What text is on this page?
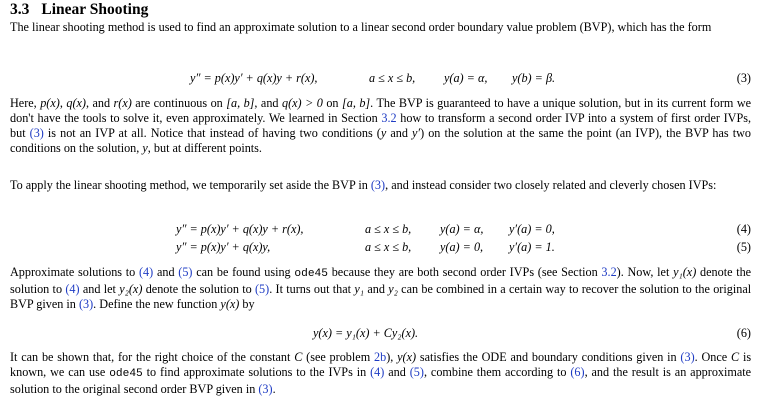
3.3 Linear Shooting

The linear shooting method is used to find an approximate solution to a linear second order boundary value problem (BVP), which has the form

y″ = p(x)y′ + q(x)y + r(x),	a ≤ x ≤ b, y(a) = α, y(b) = β.	(3)

Here, p(x), q(x), and r(x) are continuous on [a, b], and q(x) > 0 on [a, b]. The BVP is guaranteed to have a unique solution, but in its current form we don't have the tools to solve it, even approximately. We learned in Section 3.2 how to transform a second order IVP into a system of first order IVPs, but (3) is not an IVP at all. Notice that instead of having two conditions (y and y′) on the solution at the same the point (an IVP), the BVP has two conditions on the solution, y, but at different points.

To apply the linear shooting method, we temporarily set aside the BVP in (3), and instead consider two closely related and cleverly chosen IVPs:

y″ = p(x)y′ + q(x)y + r(x),	a ≤ x ≤ b, y(a) = α, y′(a) = 0,	(4)
y″ = p(x)y′ + q(x)y,	a ≤ x ≤ b, y(a) = 0, y′(a) = 1.	(5)

Approximate solutions to (4) and (5) can be found using ode45 because they are both second order IVPs (see Section 3.2). Now, let y₁(x) denote the solution to (4) and let y₂(x) denote the solution to (5). It turns out that y₁ and y₂ can be combined in a certain way to recover the solution to the original BVP given in (3). Define the new function y(x) by

y(x) = y₁(x) + Cy₂(x).	(6)

It can be shown that, for the right choice of the constant C (see problem 2b), y(x) satisfies the ODE and boundary conditions given in (3). Once C is known, we can use ode45 to find approximate solutions to the IVPs in (4) and (5), combine them according to (6), and the result is an approximate solution to the original second order BVP given in (3).
